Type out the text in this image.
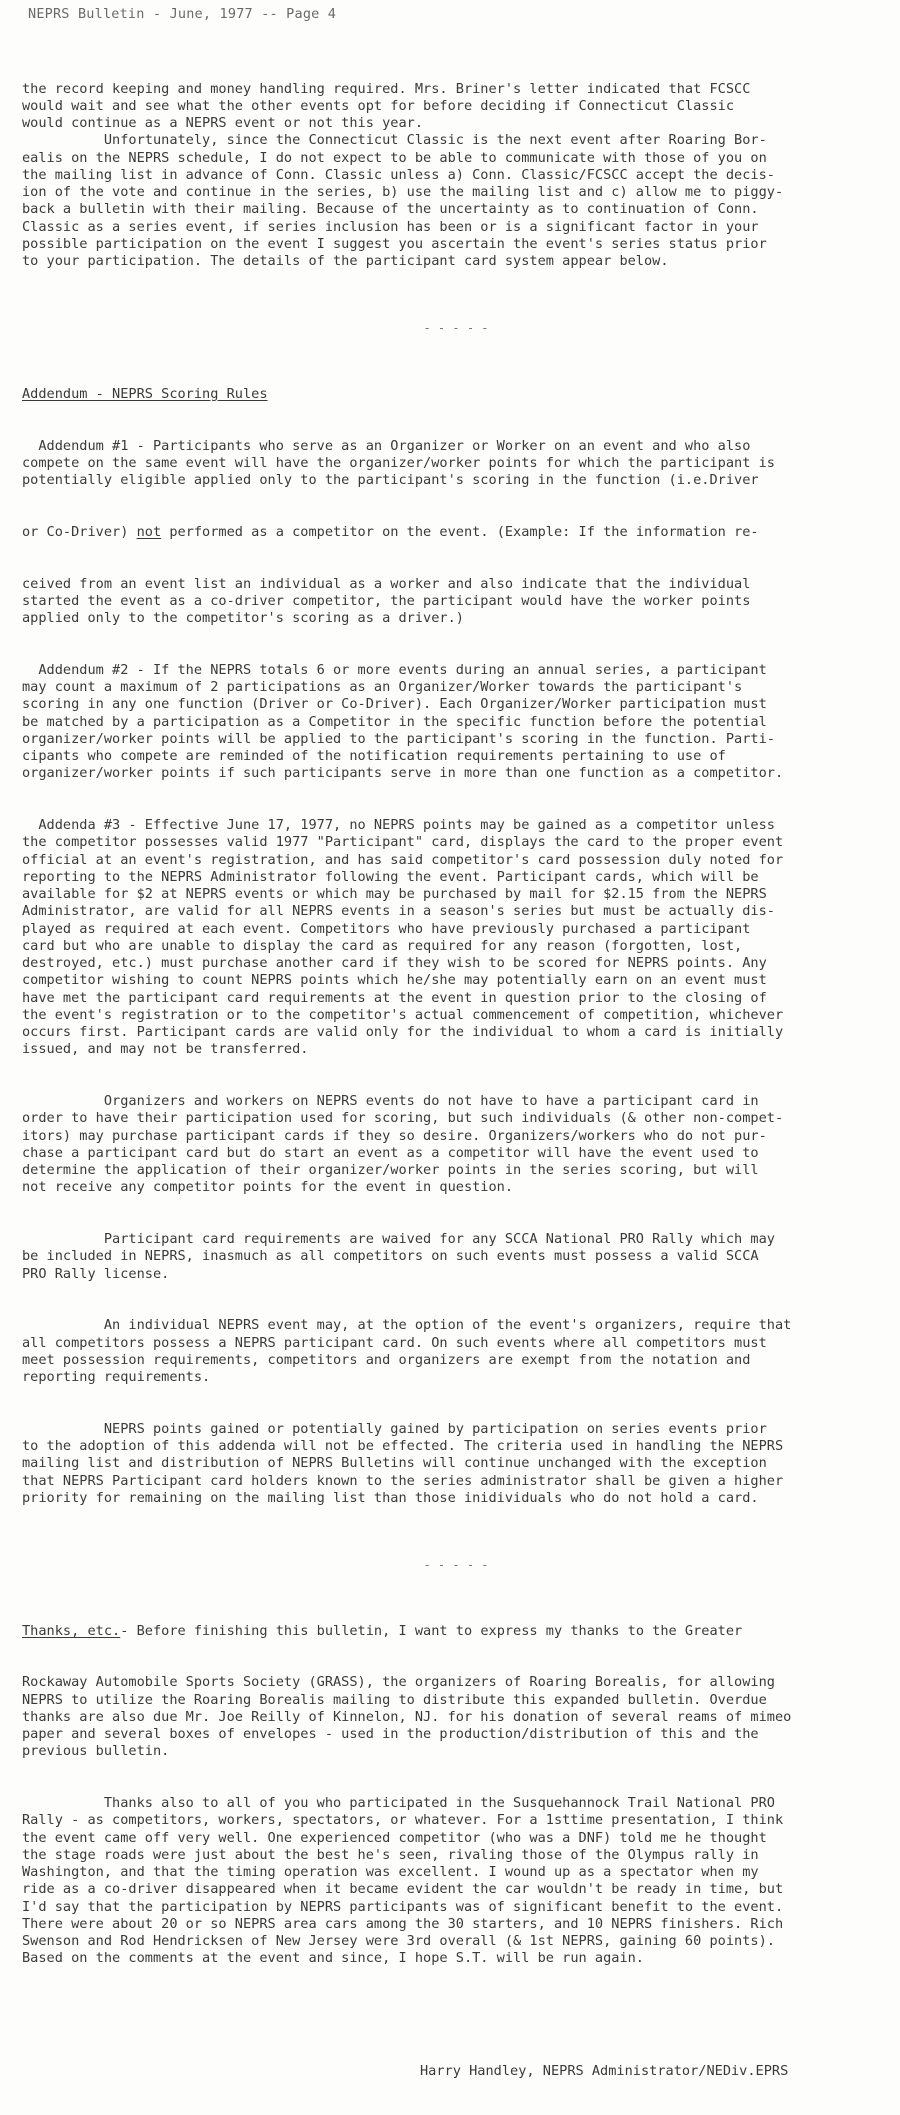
NEPRS Bulletin - June, 1977 -- Page 4

the record keeping and money handling required. Mrs. Briner's letter indicated that FCSCC
would wait and see what the other events opt for before deciding if Connecticut Classic
would continue as a NEPRS event or not this year.
Unfortunately, since the Connecticut Classic is the next event after Roaring Bor-
ealis on the NEPRS schedule, I do not expect to be able to communicate with those of you on
the mailing list in advance of Conn. Classic unless a) Conn. Classic/FCSCC accept the decis-
ion of the vote and continue in the series, b) use the mailing list and c) allow me to piggy-
back a bulletin with their mailing. Because of the uncertainty as to continuation of Conn.
Classic as a series event, if series inclusion has been or is a significant factor in your
possible participation on the event I suggest you ascertain the event's series status prior
to your participation. The details of the participant card system appear below.

- - - - -

Addendum - NEPRS Scoring Rules

Addendum #1 - Participants who serve as an Organizer or Worker on an event and who also
compete on the same event will have the organizer/worker points for which the participant is
potentially eligible applied only to the participant's scoring in the function (i.e.Driver

or Co-Driver) not performed as a competitor on the event. (Example: If the information re-

ceived from an event list an individual as a worker and also indicate that the individual
started the event as a co-driver competitor, the participant would have the worker points
applied only to the competitor's scoring as a driver.)

Addendum #2 - If the NEPRS totals 6 or more events during an annual series, a participant
may count a maximum of 2 participations as an Organizer/Worker towards the participant's
scoring in any one function (Driver or Co-Driver). Each Organizer/Worker participation must
be matched by a participation as a Competitor in the specific function before the potential
organizer/worker points will be applied to the participant's scoring in the function. Parti-
cipants who compete are reminded of the notification requirements pertaining to use of
organizer/worker points if such participants serve in more than one function as a competitor.

Addenda #3 - Effective June 17, 1977, no NEPRS points may be gained as a competitor unless
the competitor possesses valid 1977 "Participant" card, displays the card to the proper event
official at an event's registration, and has said competitor's card possession duly noted for
reporting to the NEPRS Administrator following the event. Participant cards, which will be
available for $2 at NEPRS events or which may be purchased by mail for $2.15 from the NEPRS
Administrator, are valid for all NEPRS events in a season's series but must be actually dis-
played as required at each event. Competitors who have previously purchased a participant
card but who are unable to display the card as required for any reason (forgotten, lost,
destroyed, etc.) must purchase another card if they wish to be scored for NEPRS points. Any
competitor wishing to count NEPRS points which he/she may potentially earn on an event must
have met the participant card requirements at the event in question prior to the closing of
the event's registration or to the competitor's actual commencement of competition, whichever
occurs first. Participant cards are valid only for the individual to whom a card is initially
issued, and may not be transferred.

Organizers and workers on NEPRS events do not have to have a participant card in
order to have their participation used for scoring, but such individuals (& other non-compet-
itors) may purchase participant cards if they so desire. Organizers/workers who do not pur-
chase a participant card but do start an event as a competitor will have the event used to
determine the application of their organizer/worker points in the series scoring, but will
not receive any competitor points for the event in question.

Participant card requirements are waived for any SCCA National PRO Rally which may
be included in NEPRS, inasmuch as all competitors on such events must possess a valid SCCA
PRO Rally license.

An individual NEPRS event may, at the option of the event's organizers, require that
all competitors possess a NEPRS participant card. On such events where all competitors must
meet possession requirements, competitors and organizers are exempt from the notation and
reporting requirements.

NEPRS points gained or potentially gained by participation on series events prior
to the adoption of this addenda will not be effected. The criteria used in handling the NEPRS
mailing list and distribution of NEPRS Bulletins will continue unchanged with the exception
that NEPRS Participant card holders known to the series administrator shall be given a higher
priority for remaining on the mailing list than those inidividuals who do not hold a card.

- - - - -

Thanks, etc.- Before finishing this bulletin, I want to express my thanks to the Greater

Rockaway Automobile Sports Society (GRASS), the organizers of Roaring Borealis, for allowing
NEPRS to utilize the Roaring Borealis mailing to distribute this expanded bulletin. Overdue
thanks are also due Mr. Joe Reilly of Kinnelon, NJ. for his donation of several reams of mimeo
paper and several boxes of envelopes - used in the production/distribution of this and the
previous bulletin.

Thanks also to all of you who participated in the Susquehannock Trail National PRO
Rally - as competitors, workers, spectators, or whatever. For a 1sttime presentation, I think
the event came off very well. One experienced competitor (who was a DNF) told me he thought
the stage roads were just about the best he's seen, rivaling those of the Olympus rally in
Washington, and that the timing operation was excellent. I wound up as a spectator when my
ride as a co-driver disappeared when it became evident the car wouldn't be ready in time, but
I'd say that the participation by NEPRS participants was of significant benefit to the event.
There were about 20 or so NEPRS area cars among the 30 starters, and 10 NEPRS finishers. Rich
Swenson and Rod Hendricksen of New Jersey were 3rd overall (& 1st NEPRS, gaining 60 points).
Based on the comments at the event and since, I hope S.T. will be run again.

Harry Handley, NEPRS Administrator/NEDiv.EPRS
